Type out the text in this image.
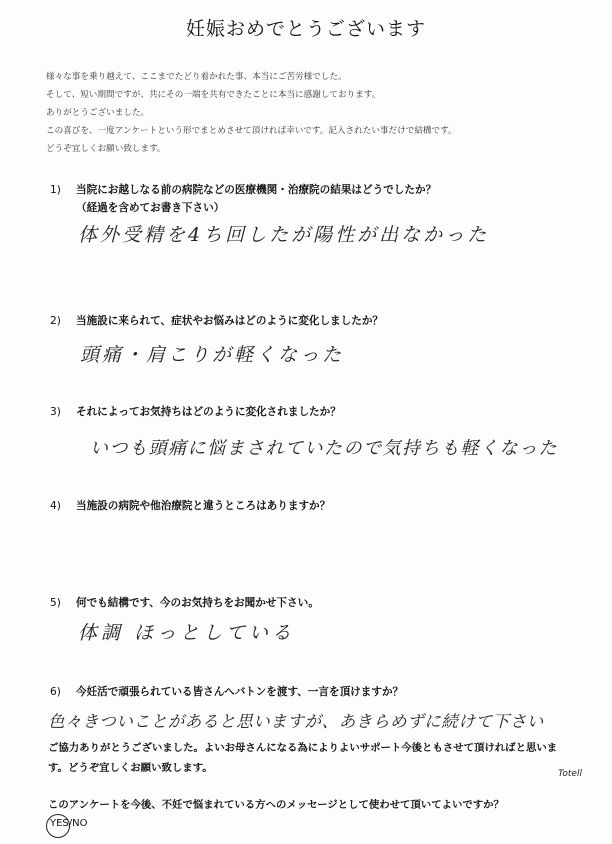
妊娠おめでとうございます
様々な事を乗り越えて、ここまでたどり着かれた事、本当にご苦労様でした。
そして、短い期間ですが、共にその一端を共有できたことに本当に感謝しております。
ありがとうございました。
この喜びを、一度アンケートという形でまとめさせて頂ければ幸いです。記入されたい事だけで結構です。
どうぞ宜しくお願い致します。
1) 当院にお越しなる前の病院などの医療機関・治療院の結果はどうでしたか？
（経過を含めてお書き下さい）
体外受精を4ち回したが陽性が出なかった
2) 当施設に来られて、症状やお悩みはどのように変化しましたか？
頭痛・肩こりが軽くなった
3) それによってお気持ちはどのように変化されましたか？
いつも頭痛に悩まされていたので気持ちも軽くなった
4) 当施設の病院や他治療院と違うところはありますか？
5) 何でも結構です、今のお気持ちをお聞かせ下さい。
体調 ほっとしている
6) 今妊活で頑張られている皆さんへバトンを渡す、一言を頂けますか？
色々きついことがあると思いますが、あきらめずに続けて下さい
ご協力ありがとうございました。よいお母さんになる為によりよいサポート今後ともさせて頂ければと思いま
す。どうぞ宜しくお願い致します。	Totell
このアンケートを今後、不妊で悩まれている方へのメッセージとして使わせて頂いてよいですか？
YES/NO
